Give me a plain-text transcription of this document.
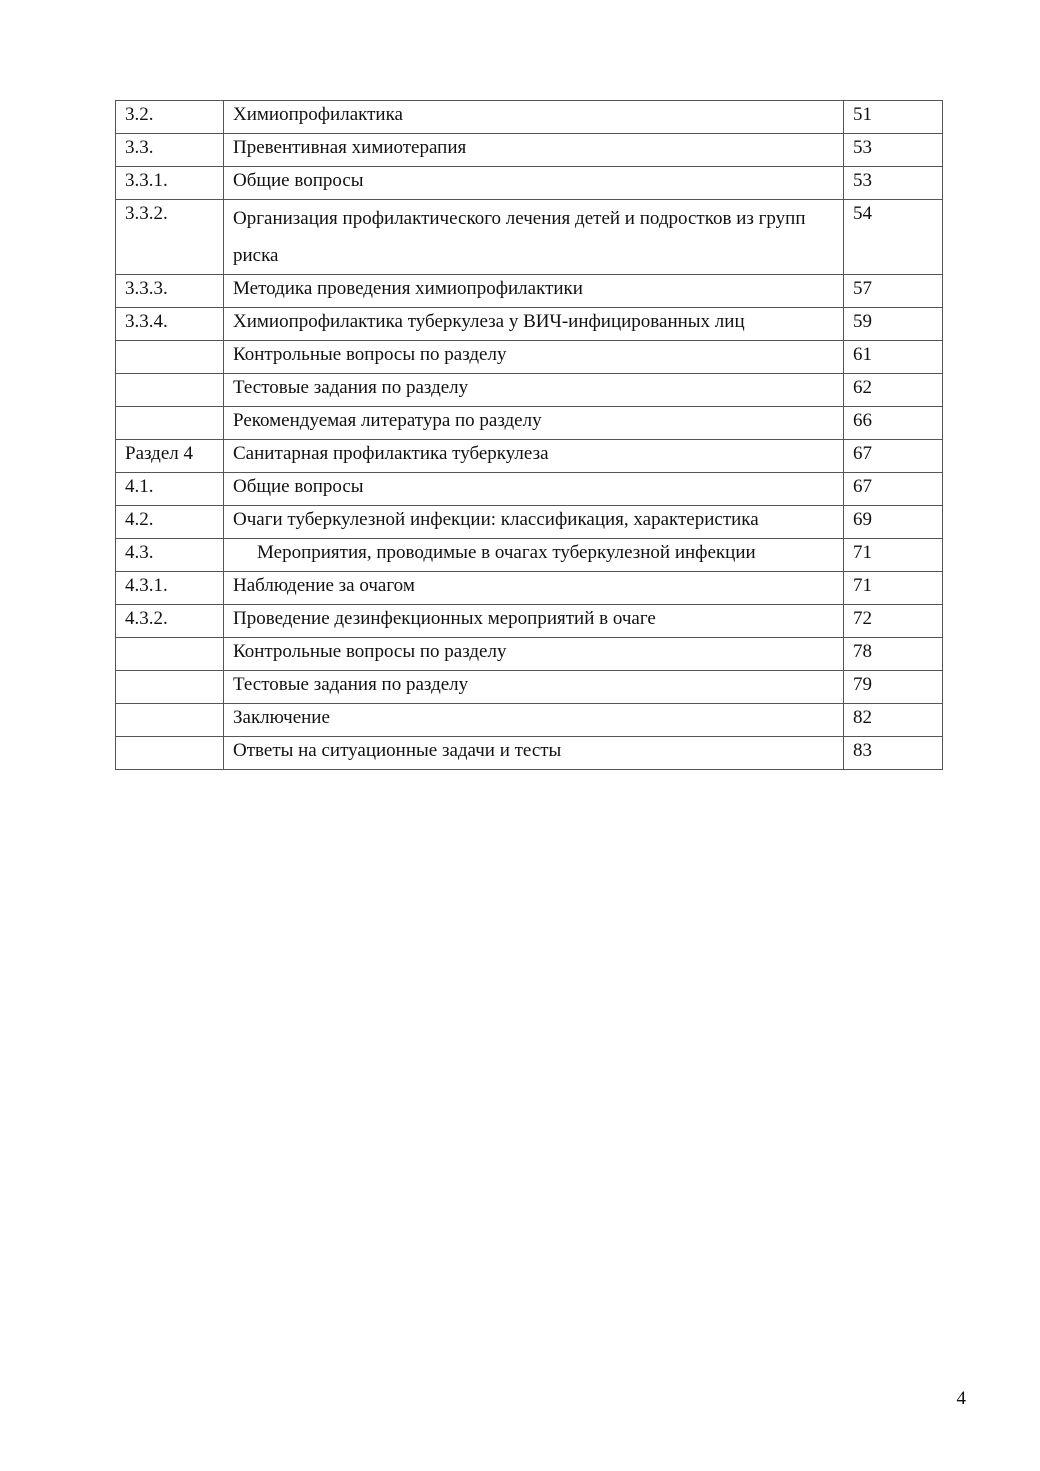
3.2.	Химиопрофилактика	51
3.3.	Превентивная химиотерапия	53
3.3.1.	Общие вопросы	53
3.3.2.	Организация профилактического лечения детей и подростков из групп риска	54
3.3.3.	Методика проведения химиопрофилактики	57
3.3.4.	Химиопрофилактика туберкулеза у ВИЧ-инфицированных лиц	59
	Контрольные вопросы по разделу	61
	Тестовые задания по разделу	62
	Рекомендуемая литература по разделу	66
Раздел 4	Санитарная профилактика туберкулеза	67
4.1.	Общие вопросы	67
4.2.	Очаги туберкулезной инфекции: классификация, характеристика	69
4.3.	Мероприятия, проводимые в очагах туберкулезной инфекции	71
4.3.1.	Наблюдение за очагом	71
4.3.2.	Проведение дезинфекционных мероприятий в очаге	72
	Контрольные вопросы по разделу	78
	Тестовые задания по разделу	79
	Заключение	82
	Ответы на ситуационные задачи и тесты	83
4
